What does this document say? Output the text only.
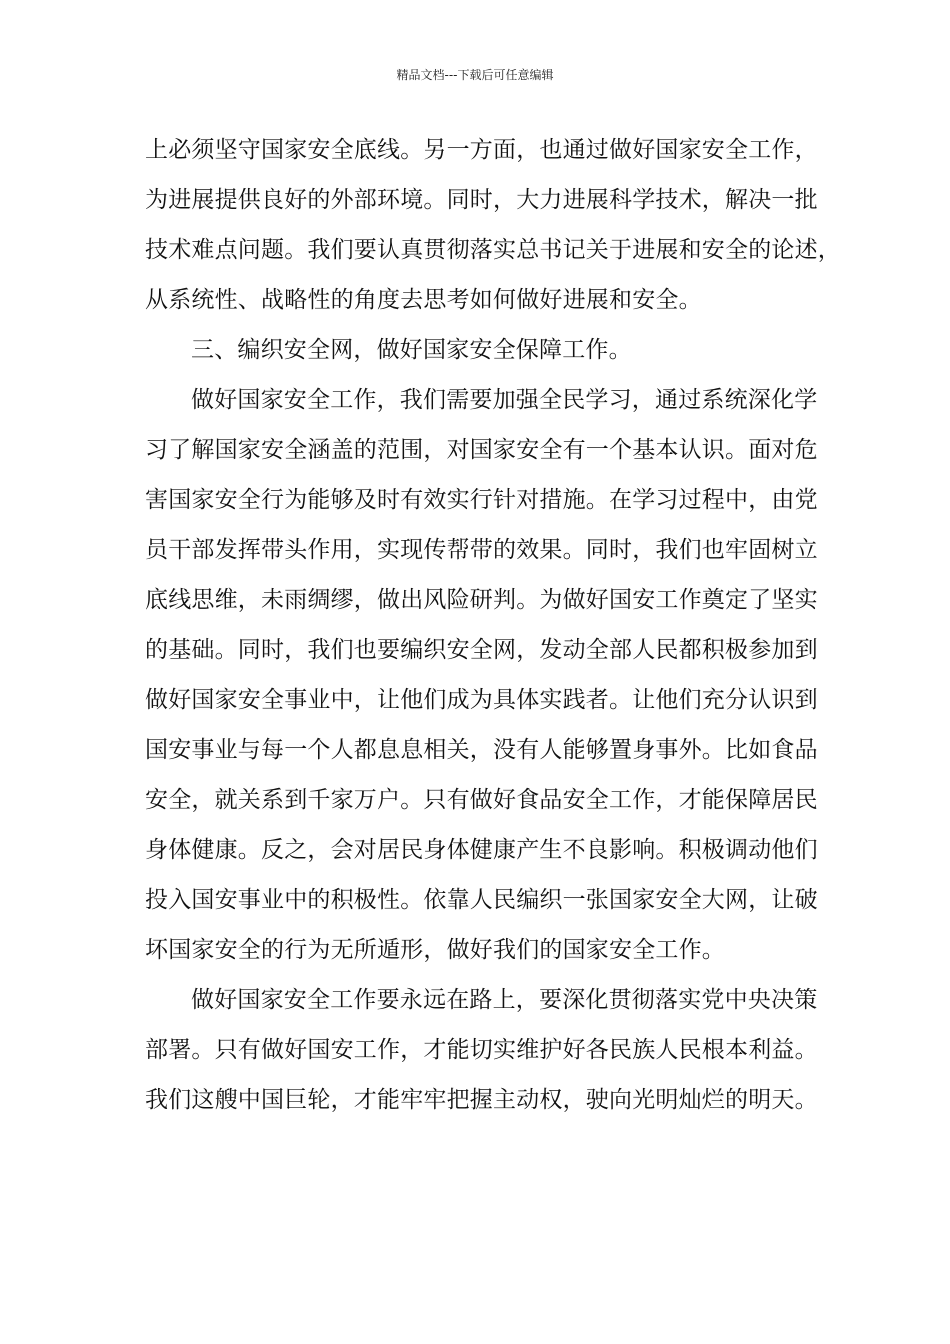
精品文档---下载后可任意编辑
上必须坚守国家安全底线。另一方面，也通过做好国家安全工作，
为进展提供良好的外部环境。同时，大力进展科学技术，解决一批
技术难点问题。我们要认真贯彻落实总书记关于进展和安全的论述，
从系统性、战略性的角度去思考如何做好进展和安全。
三、编织安全网，做好国家安全保障工作。
做好国家安全工作，我们需要加强全民学习，通过系统深化学
习了解国家安全涵盖的范围，对国家安全有一个基本认识。面对危
害国家安全行为能够及时有效实行针对措施。在学习过程中，由党
员干部发挥带头作用，实现传帮带的效果。同时，我们也牢固树立
底线思维，未雨绸缪，做出风险研判。为做好国安工作奠定了坚实
的基础。同时，我们也要编织安全网，发动全部人民都积极参加到
做好国家安全事业中，让他们成为具体实践者。让他们充分认识到
国安事业与每一个人都息息相关，没有人能够置身事外。比如食品
安全，就关系到千家万户。只有做好食品安全工作，才能保障居民
身体健康。反之，会对居民身体健康产生不良影响。积极调动他们
投入国安事业中的积极性。依靠人民编织一张国家安全大网，让破
坏国家安全的行为无所遁形，做好我们的国家安全工作。
做好国家安全工作要永远在路上，要深化贯彻落实党中央决策
部署。只有做好国安工作，才能切实维护好各民族人民根本利益。
我们这艘中国巨轮，才能牢牢把握主动权，驶向光明灿烂的明天。
